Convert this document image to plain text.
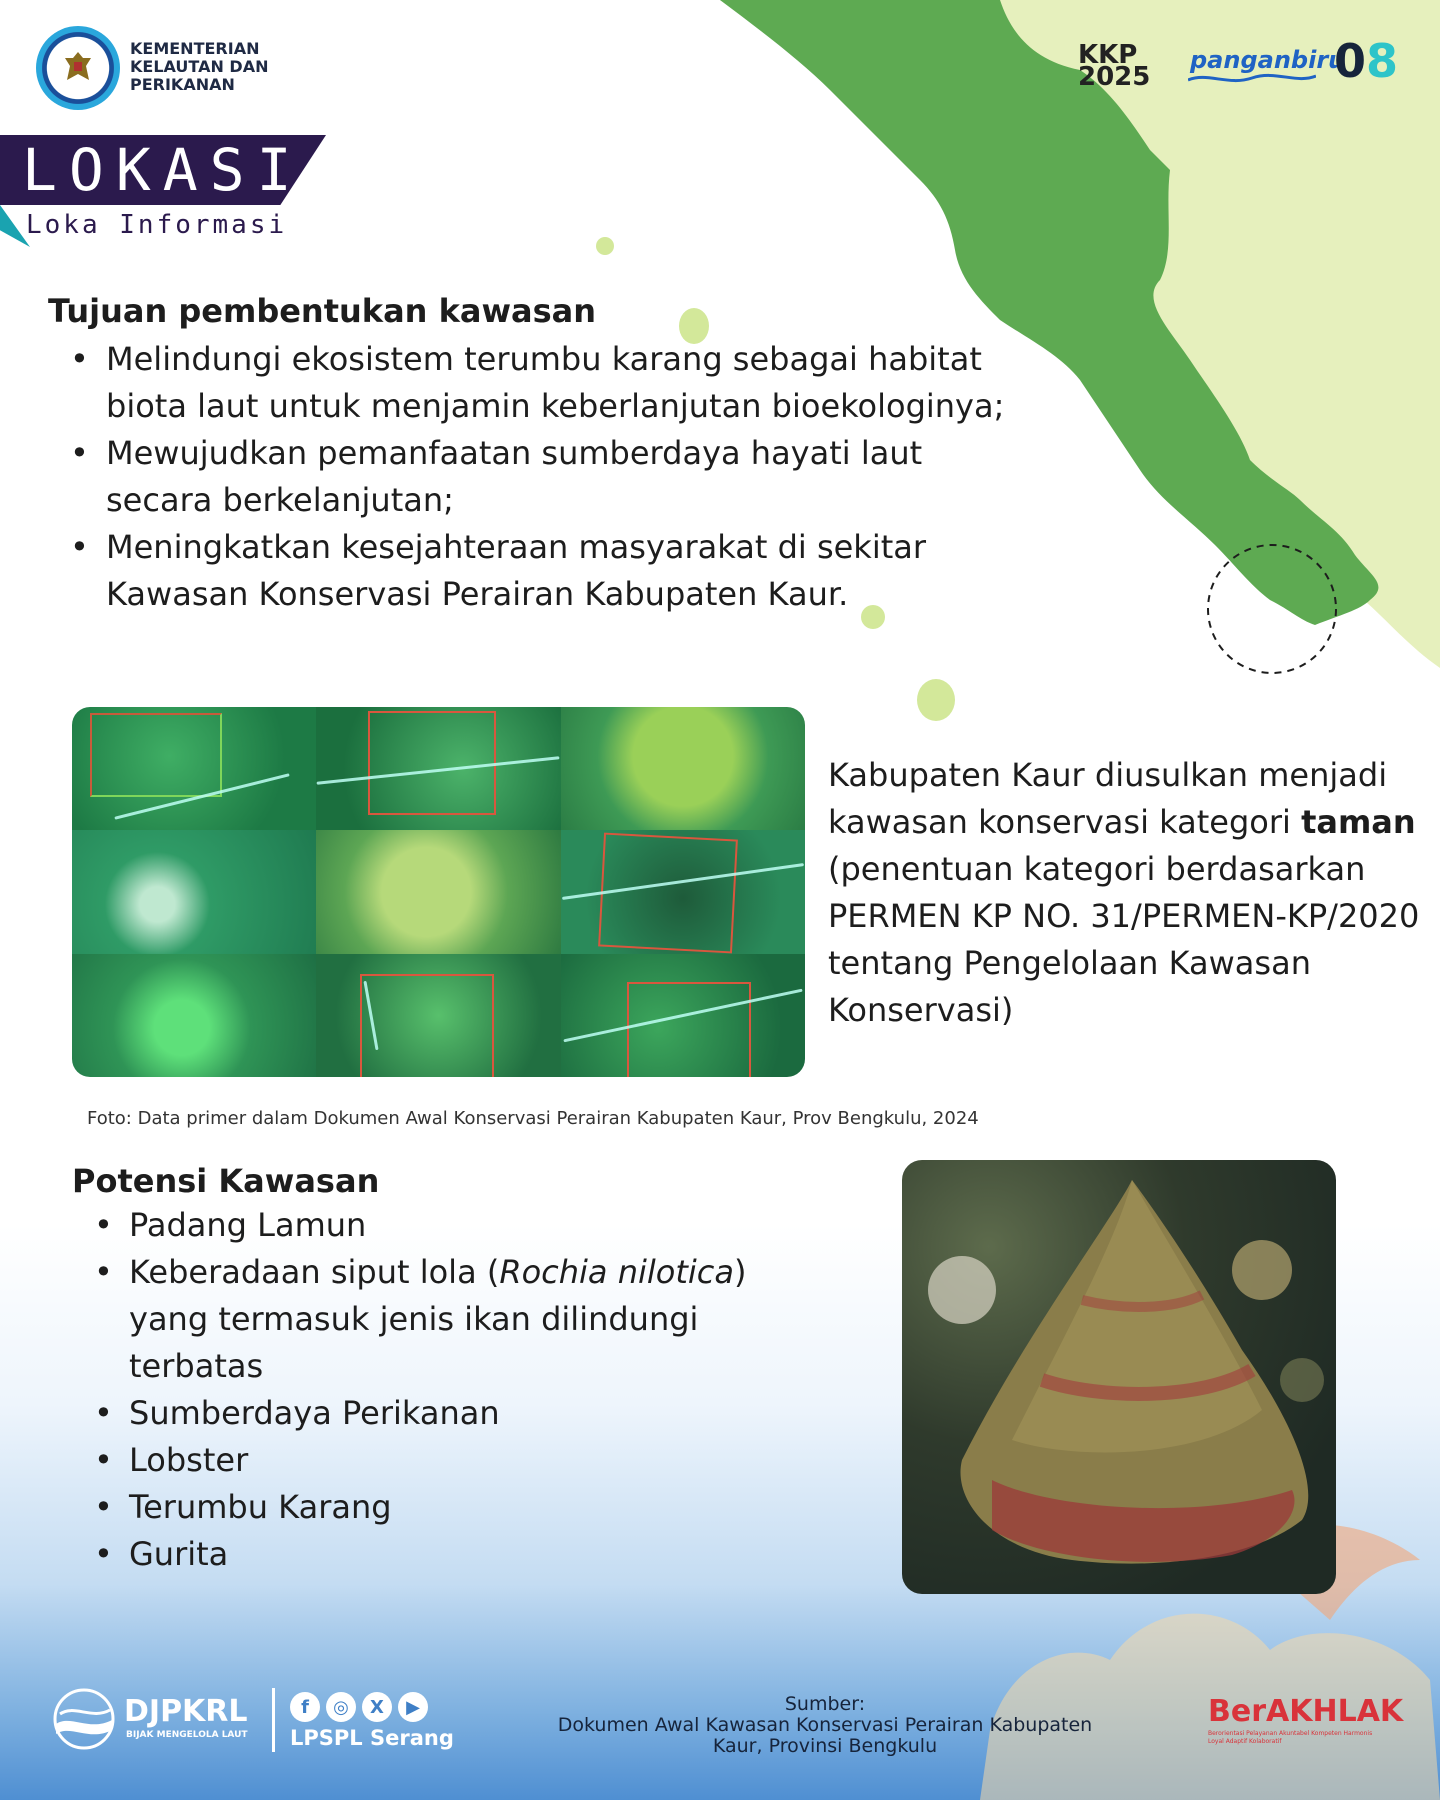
KEMENTERIAN
KELAUTAN DAN
PERIKANAN
LOKASI
Loka Informasi
KKP
2025
panganbiru
08
Tujuan pembentukan kawasan
• Melindungi ekosistem terumbu karang sebagai habitat biota laut untuk menjamin keberlanjutan bioekologinya;
• Mewujudkan pemanfaatan sumberdaya hayati laut secara berkelanjutan;
• Meningkatkan kesejahteraan masyarakat di sekitar Kawasan Konservasi Perairan Kabupaten Kaur.
Kabupaten Kaur diusulkan menjadi kawasan konservasi kategori taman (penentuan kategori berdasarkan PERMEN KP NO. 31/PERMEN-KP/2020 tentang Pengelolaan Kawasan Konservasi)
Foto: Data primer dalam Dokumen Awal Konservasi Perairan Kabupaten Kaur, Prov Bengkulu, 2024
Potensi Kawasan
• Padang Lamun
• Keberadaan siput lola (Rochia nilotica) yang termasuk jenis ikan dilindungi terbatas
• Sumberdaya Perikanan
• Lobster
• Terumbu Karang
• Gurita
DJPKRL
BIJAK MENGELOLA LAUT
f	◎	X	▶
LPSPL Serang
Sumber:
Dokumen Awal Kawasan Konservasi Perairan Kabupaten Kaur, Provinsi Bengkulu
BerAKHLAK
Berorientasi Pelayanan Akuntabel Kompeten Harmonis Loyal Adaptif Kolaboratif
